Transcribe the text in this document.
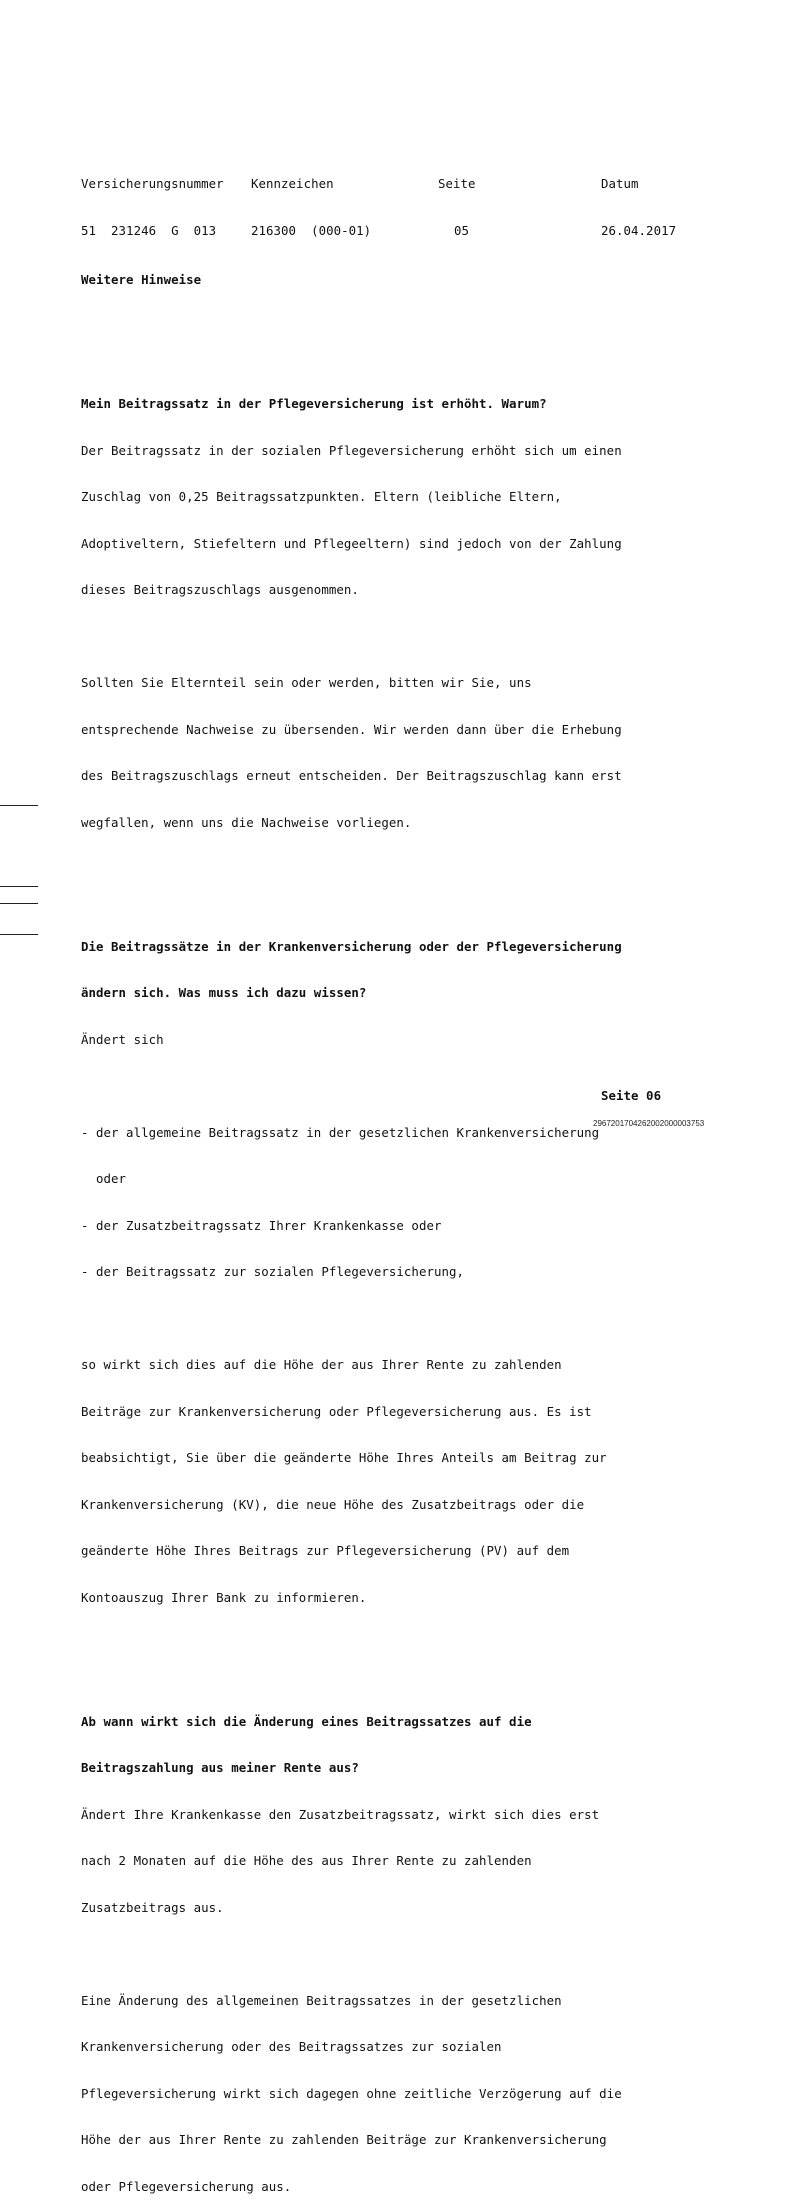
Versicherungsnummer

51  231246  G  013

Kennzeichen

216300  (000-01)

Seite

05

Datum

26.04.2017

Weitere Hinweise

Mein Beitragssatz in der Pflegeversicherung ist erhöht. Warum?

Der Beitragssatz in der sozialen Pflegeversicherung erhöht sich um einen

Zuschlag von 0,25 Beitragssatzpunkten. Eltern (leibliche Eltern,

Adoptiveltern, Stiefeltern und Pflegeeltern) sind jedoch von der Zahlung

dieses Beitragszuschlags ausgenommen.

Sollten Sie Elternteil sein oder werden, bitten wir Sie, uns

entsprechende Nachweise zu übersenden. Wir werden dann über die Erhebung

des Beitragszuschlags erneut entscheiden. Der Beitragszuschlag kann erst

wegfallen, wenn uns die Nachweise vorliegen.

Die Beitragssätze in der Krankenversicherung oder der Pflegeversicherung

ändern sich. Was muss ich dazu wissen?

Ändert sich

- der allgemeine Beitragssatz in der gesetzlichen Krankenversicherung

oder

- der Zusatzbeitragssatz Ihrer Krankenkasse oder

- der Beitragssatz zur sozialen Pflegeversicherung,

so wirkt sich dies auf die Höhe der aus Ihrer Rente zu zahlenden

Beiträge zur Krankenversicherung oder Pflegeversicherung aus. Es ist

beabsichtigt, Sie über die geänderte Höhe Ihres Anteils am Beitrag zur

Krankenversicherung (KV), die neue Höhe des Zusatzbeitrags oder die

geänderte Höhe Ihres Beitrags zur Pflegeversicherung (PV) auf dem

Kontoauszug Ihrer Bank zu informieren.

Ab wann wirkt sich die Änderung eines Beitragssatzes auf die

Beitragszahlung aus meiner Rente aus?

Ändert Ihre Krankenkasse den Zusatzbeitragssatz, wirkt sich dies erst

nach 2 Monaten auf die Höhe des aus Ihrer Rente zu zahlenden

Zusatzbeitrags aus.

Eine Änderung des allgemeinen Beitragssatzes in der gesetzlichen

Krankenversicherung oder des Beitragssatzes zur sozialen

Pflegeversicherung wirkt sich dagegen ohne zeitliche Verzögerung auf die

Höhe der aus Ihrer Rente zu zahlenden Beiträge zur Krankenversicherung

oder Pflegeversicherung aus.

Seite 06
2967201704262002000003753
